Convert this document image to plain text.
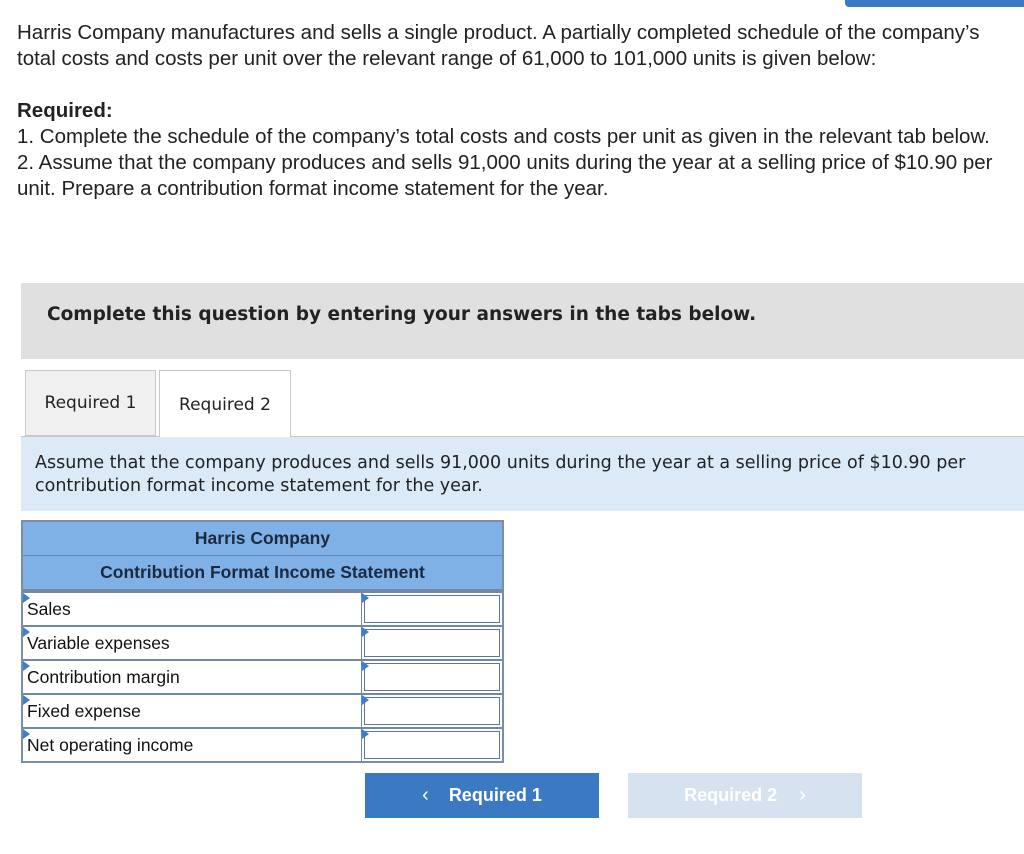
Harris Company manufactures and sells a single product. A partially completed schedule of the company’s total costs and costs per unit over the relevant range of 61,000 to 101,000 units is given below:

Required:

1. Complete the schedule of the company’s total costs and costs per unit as given in the relevant tab below.

2. Assume that the company produces and sells 91,000 units during the year at a selling price of $10.90 per unit. Prepare a contribution format income statement for the year.

Complete this question by entering your answers in the tabs below.
Required 1	Required 2
Assume that the company produces and sells 91,000 units during the year at a selling price of $10.90 per
contribution format income statement for the year.
Harris Company
Contribution Format Income Statement
Sales
Variable expenses
Contribution margin
Fixed expense
Net operating income
‹ Required 1	Required 2 ›
